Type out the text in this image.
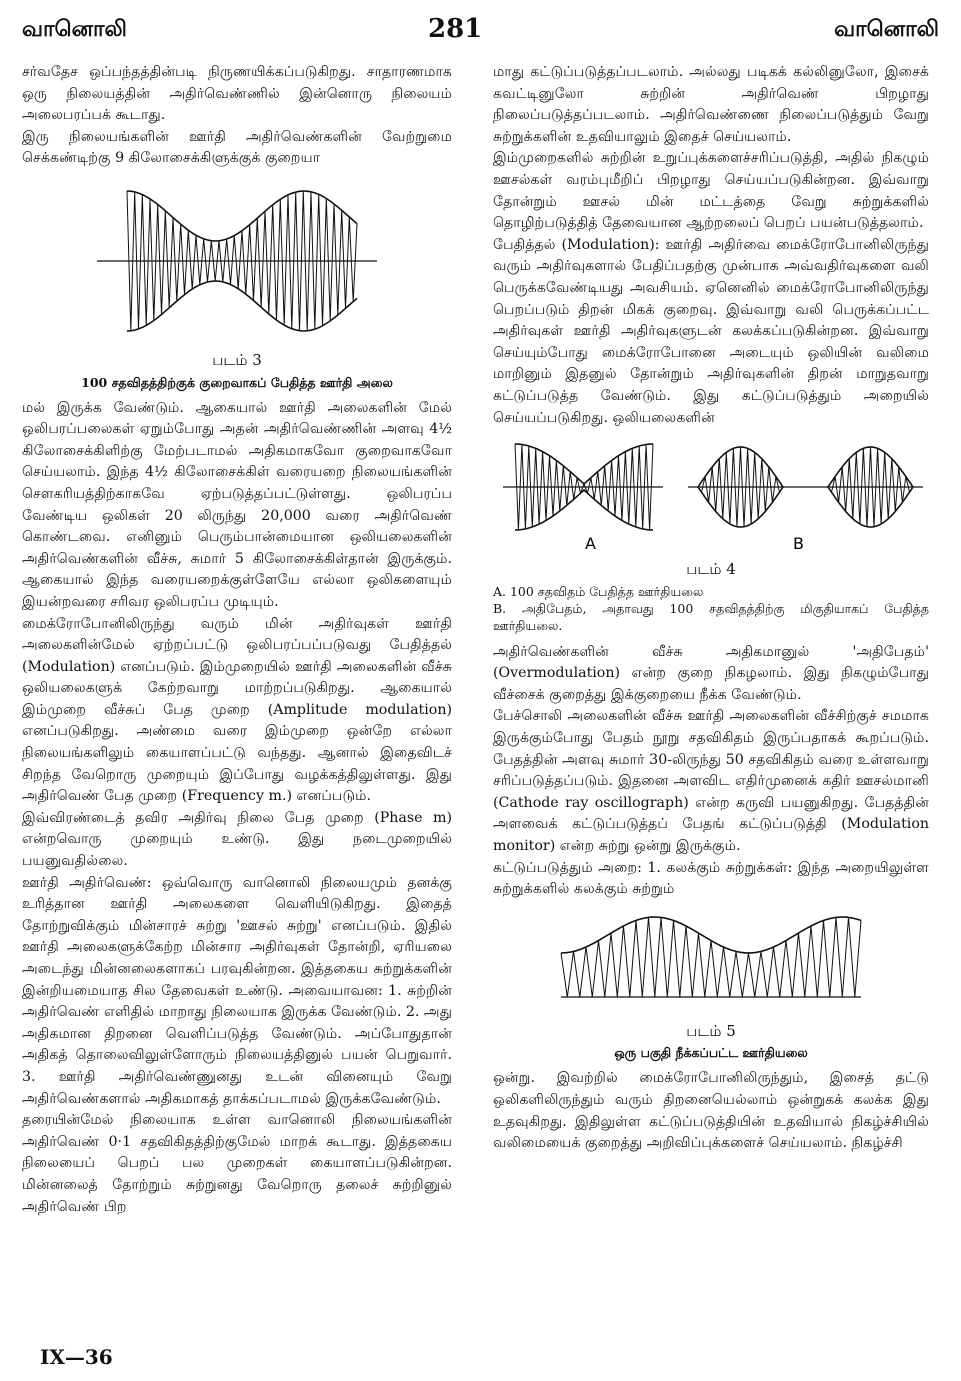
வானொலி	281	வானொலி

சர்வதேச ஒப்பந்தத்தின்படி நிருணயிக்கப்படுகிறது. சாதாரணமாக ஒரு நிலையத்தின் அதிர்வெண்ணில் இன்னொரு நிலையம் அலைபரப்பக் கூடாது.

இரு நிலையங்களின் ஊர்தி அதிர்வெண்களின் வேற்றுமை செக்கண்டிற்கு 9 கிலோசைக்கிளுக்குக் குறையா

படம் 3
100 சதவிதத்திற்குக் குறைவாகப் பேதித்த ஊர்தி அலை

மல் இருக்க வேண்டும். ஆகையால் ஊர்தி அலைகளின் மேல் ஒலிபரப்பலைகள் ஏறும்போது அதன் அதிர்வெண்ணின் அளவு 4½ கிலோசைக்கிளிற்கு மேற்படாமல் அதிகமாகவோ குறைவாகவோ செய்யலாம். இந்த 4½ கிலோசைக்கிள் வரையறை நிலையங்களின் சௌகரியத்திற்காகவே ஏற்படுத்தப்பட்டுள்ளது. ஒலிபரப்ப வேண்டிய ஒலிகள் 20 லிருந்து 20,000 வரை அதிர்வெண் கொண்டவை. எனினும் பெரும்பான்மையான ஒலியலைகளின் அதிர்வெண்களின் வீச்சு, சுமார் 5 கிலோசைக்கிள்தான் இருக்கும். ஆகையால் இந்த வரையறைக்குள்ளேயே எல்லா ஒலிகளையும் இயன்றவரை சரிவர ஒலிபரப்ப முடியும்.

மைக்ரோபோனிலிருந்து வரும் மின் அதிர்வுகள் ஊர்தி அலைகளின்மேல் ஏற்றப்பட்டு ஒலிபரப்பப்படுவது பேதித்தல் (Modulation) எனப்படும். இம்முறையில் ஊர்தி அலைகளின் வீச்சு ஒலியலைகளுக் கேற்றவாறு மாற்றப்படுகிறது. ஆகையால் இம்முறை வீச்சுப் பேத முறை (Amplitude modulation) எனப்படுகிறது. அண்மை வரை இம்முறை ஒன்றே எல்லா நிலையங்களிலும் கையாளப்பட்டு வந்தது. ஆனால் இதைவிடச் சிறந்த வேறொரு முறையும் இப்போது வழக்கத்திலுள்ளது. இது அதிர்வெண் பேத முறை (Frequency m.) எனப்படும்.

இவ்விரண்டைத் தவிர அதிர்வு நிலை பேத முறை (Phase m) என்றவொரு முறையும் உண்டு. இது நடைமுறையில் பயனுவதில்லை.

ஊர்தி அதிர்வெண்: ஒவ்வொரு வானொலி நிலையமும் தனக்கு உரித்தான ஊர்தி அலைகளை வெளியிடுகிறது. இதைத் தோற்றுவிக்கும் மின்சாரச் சுற்று 'ஊசல் சுற்று' எனப்படும். இதில் ஊர்தி அலைகளுக்கேற்ற மின்சார அதிர்வுகள் தோன்றி, ஏரியலை அடைந்து மின்னலைகளாகப் பரவுகின்றன. இத்தகைய சுற்றுக்களின் இன்றியமையாத சில தேவைகள் உண்டு. அவையாவன: 1. சுற்றின் அதிர்வெண் எளிதில் மாறாது நிலையாக இருக்க வேண்டும். 2. அது அதிகமான திறனை வெளிப்படுத்த வேண்டும். அப்போதுதான் அதிகத் தொலைவிலுள்ளோரும் நிலையத்தினுல் பயன் பெறுவார். 3. ஊர்தி அதிர்வெண்ணுனது உடன் வினையும் வேறு அதிர்வெண்களால் அதிகமாகத் தாக்கப்படாமல் இருக்கவேண்டும்.

தரையின்மேல் நிலையாக உள்ள வானொலி நிலையங்களின் அதிர்வெண் 0·1 சதவிகிதத்திற்குமேல் மாறக் கூடாது. இத்தகைய நிலையைப் பெறப் பல முறைகள் கையாளப்படுகின்றன. மின்னலைத் தோற்றும் சுற்றுனது வேறொரு தலைச் சுற்றினுல் அதிர்வெண் பிற

மாது கட்டுப்படுத்தப்படலாம். அல்லது படிகக் கல்லினுலோ, இசைக் கவட்டினுலோ சுற்றின் அதிர்வெண் பிறழாது நிலைப்படுத்தப்படலாம். அதிர்வெண்ணை நிலைப்படுத்தும் வேறு சுற்றுக்களின் உதவியாலும் இதைச் செய்யலாம்.

இம்முறைகளில் சுற்றின் உறுப்புக்களைச்சரிப்படுத்தி, அதில் நிகழும் ஊசல்கள் வரம்புமீறிப் பிறழாது செய்யப்படுகின்றன. இவ்வாறு தோன்றும் ஊசல் மின் மட்டத்தை வேறு சுற்றுக்களில் தொழிற்படுத்தித் தேவையான ஆற்றலைப் பெறப் பயன்படுத்தலாம்.

பேதித்தல் (Modulation): ஊர்தி அதிர்வை மைக்ரோபோனிலிருந்து வரும் அதிர்வுகளால் பேதிப்பதற்கு முன்பாக அவ்வதிர்வுகளை வலி பெருக்கவேண்டியது அவசியம். ஏனெனில் மைக்ரோபோனிலிருந்து பெறப்படும் திறன் மிகக் குறைவு. இவ்வாறு வலி பெருக்கப்பட்ட அதிர்வுகள் ஊர்தி அதிர்வுகளுடன் கலக்கப்படுகின்றன. இவ்வாறு செய்யும்போது மைக்ரோபோனை அடையும் ஒலியின் வலிமை மாறினும் இதனுல் தோன்றும் அதிர்வுகளின் திறன் மாறுதவாறு கட்டுப்படுத்த வேண்டும். இது கட்டுப்படுத்தும் அறையில் செய்யப்படுகிறது. ஒலியலைகளின்

A	B
படம் 4
A. 100 சதவிதம் பேதித்த ஊர்தியலை
B. அதிபேதம், அதாவது 100 சதவிதத்திற்கு மிகுதியாகப் பேதித்த ஊர்தியலை.

அதிர்வெண்களின் வீச்சு அதிகமானுல் 'அதிபேதம்' (Overmodulation) என்ற குறை நிகழலாம். இது நிகழும்போது வீச்சைக் குறைத்து இக்குறையை நீக்க வேண்டும்.

பேச்சொலி அலைகளின் வீச்சு ஊர்தி அலைகளின் வீச்சிற்குச் சமமாக இருக்கும்போது பேதம் நூறு சதவிகிதம் இருப்பதாகக் கூறப்படும். பேதத்தின் அளவு சுமார் 30-லிருந்து 50 சதவிகிதம் வரை உள்ளவாறு சரிப்படுத்தப்படும். இதனை அளவிட எதிர்முனைக் கதிர் ஊசல்மானி (Cathode ray oscillograph) என்ற கருவி பயனுகிறது. பேதத்தின் அளவைக் கட்டுப்படுத்தப் பேதங் கட்டுப்படுத்தி (Modulation monitor) என்ற சுற்று ஒன்று இருக்கும்.

கட்டுப்படுத்தும் அறை: 1. கலக்கும் சுற்றுக்கள்: இந்த அறையிலுள்ள சுற்றுக்களில் கலக்கும் சுற்றும்

படம் 5
ஒரு பகுதி நீக்கப்பட்ட ஊர்தியலை

ஒன்று. இவற்றில் மைக்ரோபோனிலிருந்தும், இசைத் தட்டு ஒலிகளிலிருந்தும் வரும் திறனையெல்லாம் ஒன்றுகக் கலக்க இது உதவுகிறது. இதிலுள்ள கட்டுப்படுத்தியின் உதவியால் நிகழ்ச்சியில் வலிமையைக் குறைத்து அறிவிப்புக்களைச் செய்யலாம். நிகழ்ச்சி

IX—36
